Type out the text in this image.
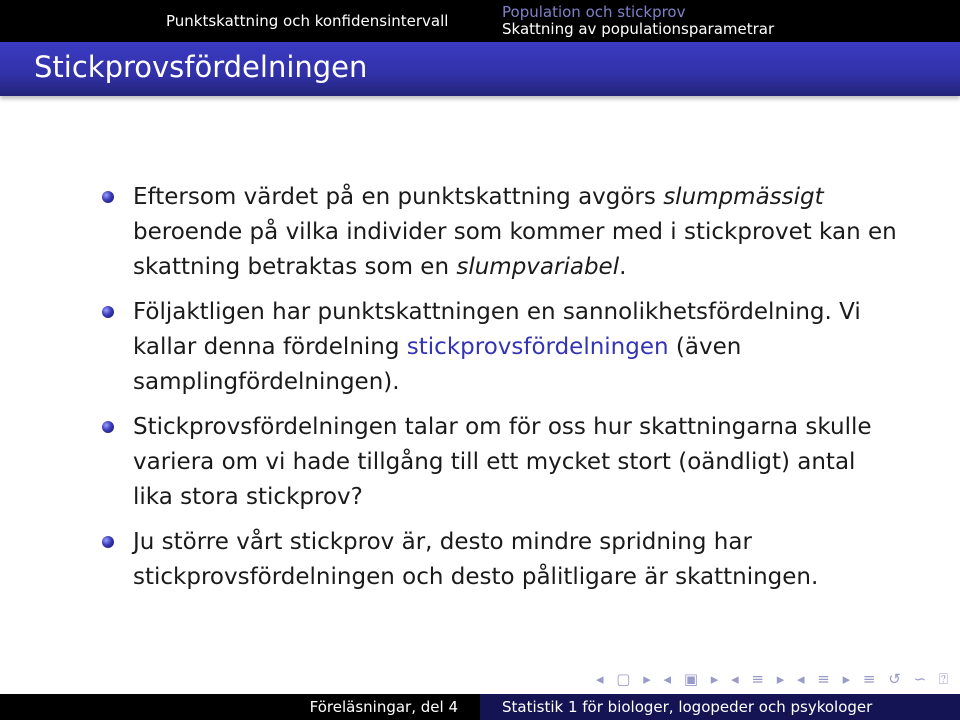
Punktskattning och konfidensintervall	Population och stickprov
Skattning av populationsparametrar
Stickprovsfördelningen

Eftersom värdet på en punktskattning avgörs slumpmässigt beroende på vilka individer som kommer med i stickprovet kan en skattning betraktas som en slumpvariabel.

Följaktligen har punktskattningen en sannolikhetsfördelning. Vi kallar denna fördelning stickprovsfördelningen (även samplingfördelningen).

Stickprovsfördelningen talar om för oss hur skattningarna skulle variera om vi hade tillgång till ett mycket stort (oändligt) antal lika stora stickprov?

Ju större vårt stickprov är, desto mindre spridning har stickprovsfördelningen och desto pålitligare är skattningen.

◂ ▢ ▸ ◂ ▣ ▸ ◂ ≡ ▸ ◂ ≡ ▸ ≡ ↺ ∽ ⍰
Föreläsningar, del 4	Statistik 1 för biologer, logopeder och psykologer
